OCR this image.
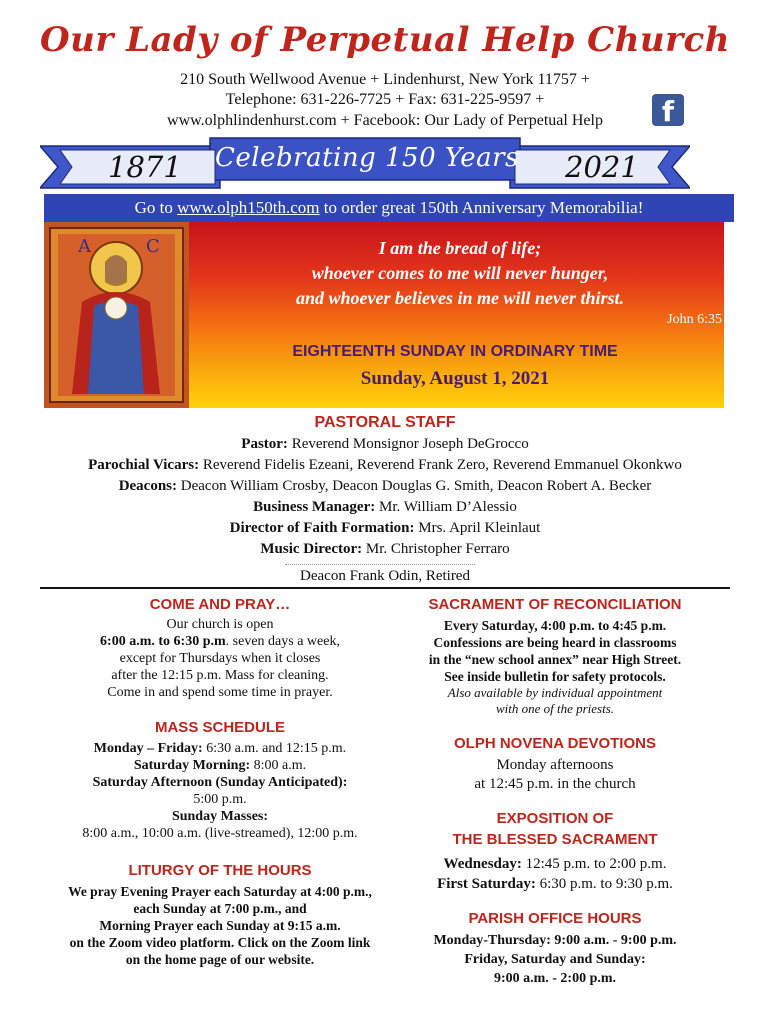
Our Lady of Perpetual Help Church
210 South Wellwood Avenue + Lindenhurst, New York 11757 +
Telephone: 631-226-7725 + Fax: 631-225-9597 +
www.olphlindenhurst.com + Facebook: Our Lady of Perpetual Help	f
1871 Celebrating 150 Years 2021
Go to www.olph150th.com to order great 150th Anniversary Memorabilia!
A	C	I am the bread of life;
whoever comes to me will never hunger,
and whoever believes in me will never thirst.
John 6:35
EIGHTEENTH SUNDAY IN ORDINARY TIME
Sunday, August 1, 2021
PASTORAL STAFF
Pastor: Reverend Monsignor Joseph DeGrocco
Parochial Vicars: Reverend Fidelis Ezeani, Reverend Frank Zero, Reverend Emmanuel Okonkwo
Deacons: Deacon William Crosby, Deacon Douglas G. Smith, Deacon Robert A. Becker
Business Manager: Mr. William D’Alessio
Director of Faith Formation: Mrs. April Kleinlaut
Music Director: Mr. Christopher Ferraro
Deacon Frank Odin, Retired
COME AND PRAY…
Our church is open
6:00 a.m. to 6:30 p.m. seven days a week,
except for Thursdays when it closes
after the 12:15 p.m. Mass for cleaning.
Come in and spend some time in prayer.
MASS SCHEDULE
Monday – Friday: 6:30 a.m. and 12:15 p.m.
Saturday Morning: 8:00 a.m.
Saturday Afternoon (Sunday Anticipated):
5:00 p.m.
Sunday Masses:
8:00 a.m., 10:00 a.m. (live-streamed), 12:00 p.m.
LITURGY OF THE HOURS
We pray Evening Prayer each Saturday at 4:00 p.m.,
each Sunday at 7:00 p.m., and
Morning Prayer each Sunday at 9:15 a.m.
on the Zoom video platform. Click on the Zoom link
on the home page of our website.
SACRAMENT OF RECONCILIATION
Every Saturday, 4:00 p.m. to 4:45 p.m.
Confessions are being heard in classrooms
in the “new school annex” near High Street.
See inside bulletin for safety protocols.
Also available by individual appointment
with one of the priests.
OLPH NOVENA DEVOTIONS
Monday afternoons
at 12:45 p.m. in the church
EXPOSITION OF
THE BLESSED SACRAMENT
Wednesday: 12:45 p.m. to 2:00 p.m.
First Saturday: 6:30 p.m. to 9:30 p.m.
PARISH OFFICE HOURS
Monday-Thursday: 9:00 a.m. - 9:00 p.m.
Friday, Saturday and Sunday:
9:00 a.m. - 2:00 p.m.
